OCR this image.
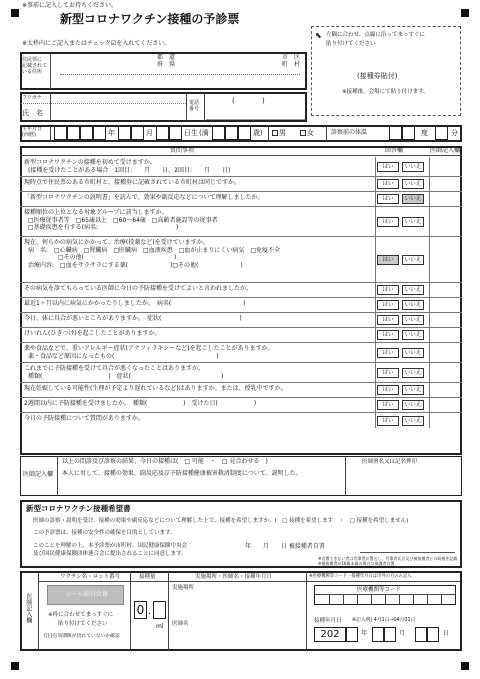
※事前に記入してお持ちください。
新型コロナワクチン接種の予診票
※太枠内にご記入またはチェック☑を入れてください。
⬉ 左隅に合わせ、点線に沿ってまっすぐに
貼り付けてください
(接種券貼付)
※接種後、会場にて貼り付けます。
住民票に
記載されて
いる住所
都　道
府　県
市　区
町　村
フリガナ
氏　名
電話
番号
(	)
生年月日
(西暦)	年	月	日生 (満	歳)	男	女	診察前の体温	度	分
質問事項	回答欄	医師記入欄
新型コロナワクチンの接種を初めて受けますか。
(接種を受けたことがある場合　1回目:　　月　　日、2回目:　　月　　日)	はい	いいえ
現時点で住民票のある市町村と、接種券に記載されている市町村は同じですか。	はい	いいえ
「新型コロナワクチンの説明書」を読んで、効果や副反応などについて理解しましたか。	はい	いいえ
接種順位の上位となる対象グループに該当しますか。
□医療従事者等　□65歳以上　□60〜64歳　□高齢者施設等の従事者
□基礎疾患を有する(病名:　　　　　　　　　　　　　)
はい	いいえ
現在、何らかの病気にかかって、治療(投薬など)を受けていますか。
病　名:　□心臓病　□腎臓病　□肝臓病　□血液疾患　□血が止まりにくい病気　□免疫不全
　　　　　□その他(　　　　　　　　　　　　　　　)
治療内容:　□血をサラサラにする薬(　　　　　　　)□その他(　　　　　　　)
はい	いいえ
その病気を診てもらっている医師に今日の予防接種を受けてよいと言われましたか。	はい	いいえ
最近1ヶ月以内に病気にかかったりしましたか。　病名(　　　　　　　　　　　　)	はい	いいえ
今日、体に具合が悪いところがありますか。　症状(　　　　　　　　　　　　　)	はい	いいえ
けいれん(ひきつけ)を起こしたことがありますか。	はい	いいえ
薬や食品などで、重いアレルギー症状(アナフィラキシーなど)を起こしたことがありますか。
薬・食品など原因になったもの(　　　　　　　　　　　　　　　　　)	はい	いいえ
これまでに予防接種を受けて具合が悪くなったことはありますか。
種類(　　　　　　　　　　　)　症状(　　　　　　　　　　　　　　　)	はい	いいえ
現在妊娠している可能性(生理が予定より遅れているなど)はありますか。または、授乳中ですか。	はい	いいえ
2週間以内に予防接種を受けましたか。　種類(　　　　　　)　受けた日(　　　　　　)	はい	いいえ
今日の予防接種について質問がありますか。	はい	いいえ
医師記入欄
以上の問診及び診察の結果、今日の接種は(　□ 可能　・　□ 見合わせる　)
本人に対して、接種の効果、副反応及び予防接種健康被害救済制度について、説明した。
医師署名又は記名押印
新型コロナワクチン接種希望書
医師の診察・説明を受け、接種の効果や副反応などについて理解した上で、接種を希望しますか。(　□ 接種を希望します　・　□ 接種を希望しません)
この予診票は、接種の安全性の確保を目的としています。
このことを理解の上、本予診票が市町村、国民健康保険中央会
及び国民健康保険団体連合会に提出されることに同意します。
年　　月　　日 被接種者自署
※自署できない者は代筆者が署名し、代筆者氏名及び被接種者との続柄を記載
※被接種者が16歳未満の場合は保護者自署
医師記入欄
ワクチン名・ロット番号	接種量	実施場所・医師名・接種年月日	※医療機関等コード・接種年月日は市外の方のみ記入
シール貼付位置
※枠に合わせてまっすぐに
貼り付けてください
(注)有効期限が切れていないか確認
0 .
ml
実施場所
医師名
医療機関等コード
接種年月日 ※記入例) 4月1日→04月01日
202	年	月	日
